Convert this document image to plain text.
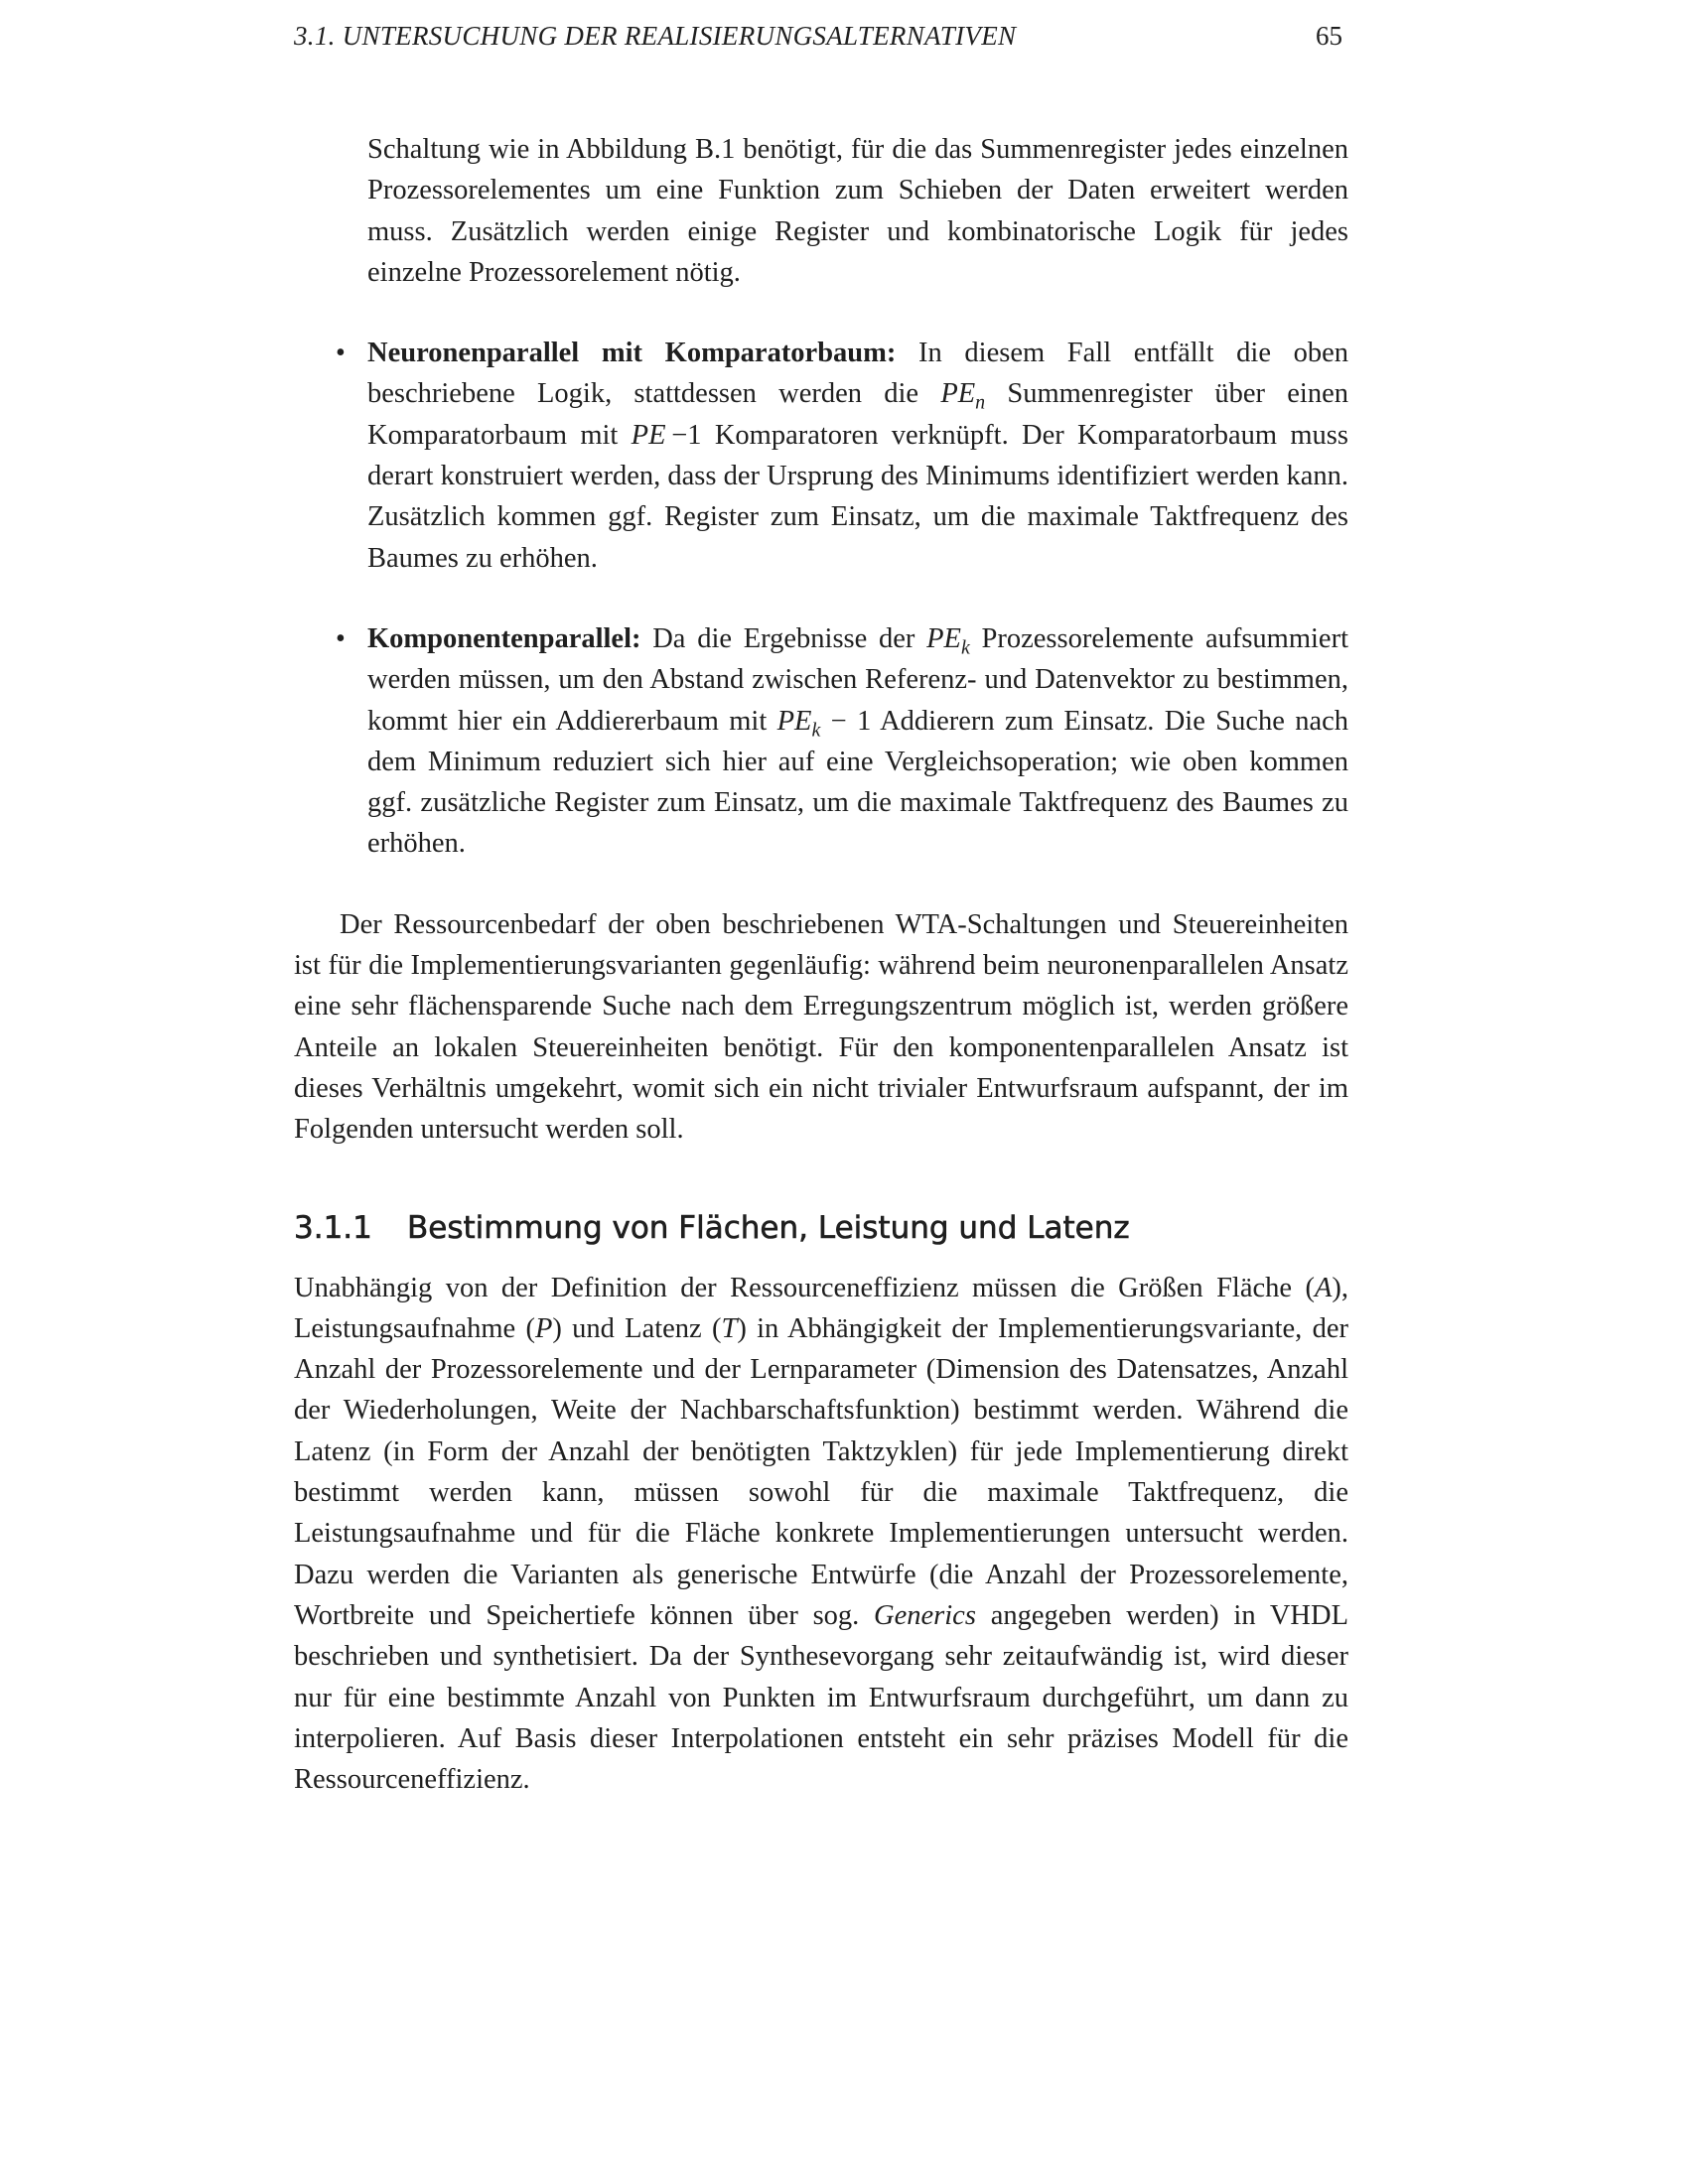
3.1. UNTERSUCHUNG DER REALISIERUNGSALTERNATIVEN	65

Schaltung wie in Abbildung B.1 benötigt, für die das Summenregister jedes einzelnen Prozessorelementes um eine Funktion zum Schieben der Daten erweitert werden muss. Zusätzlich werden einige Register und kombinatorische Logik für jedes einzelne Prozessorelement nötig.

• Neuronenparallel mit Komparatorbaum: In diesem Fall entfällt die oben beschriebene Logik, stattdessen werden die $PE_n$ Summenregister über einen Komparatorbaum mit PE −1 Komparatoren verknüpft. Der Komparatorbaum muss derart konstruiert werden, dass der Ursprung des Minimums identifiziert werden kann. Zusätzlich kommen ggf. Register zum Einsatz, um die maximale Taktfrequenz des Baumes zu erhöhen.

• Komponentenparallel: Da die Ergebnisse der $PE_k$ Prozessorelemente aufsummiert werden müssen, um den Abstand zwischen Referenz- und Datenvektor zu bestimmen, kommt hier ein Addiererbaum mit $PE_k - 1$ Addierern zum Einsatz. Die Suche nach dem Minimum reduziert sich hier auf eine Vergleichsoperation; wie oben kommen ggf. zusätzliche Register zum Einsatz, um die maximale Taktfrequenz des Baumes zu erhöhen.

Der Ressourcenbedarf der oben beschriebenen WTA-Schaltungen und Steuereinheiten ist für die Implementierungsvarianten gegenläufig: während beim neuronenparallelen Ansatz eine sehr flächensparende Suche nach dem Erregungszentrum möglich ist, werden größere Anteile an lokalen Steuereinheiten benötigt. Für den komponentenparallelen Ansatz ist dieses Verhältnis umgekehrt, womit sich ein nicht trivialer Entwurfsraum aufspannt, der im Folgenden untersucht werden soll.

3.1.1 Bestimmung von Flächen, Leistung und Latenz

Unabhängig von der Definition der Ressourceneffizienz müssen die Größen Fläche (A), Leistungsaufnahme (P) und Latenz (T) in Abhängigkeit der Implementierungsvariante, der Anzahl der Prozessorelemente und der Lernparameter (Dimension des Datensatzes, Anzahl der Wiederholungen, Weite der Nachbarschaftsfunktion) bestimmt werden. Während die Latenz (in Form der Anzahl der benötigten Taktzyklen) für jede Implementierung direkt bestimmt werden kann, müssen sowohl für die maximale Taktfrequenz, die Leistungsaufnahme und für die Fläche konkrete Implementierungen untersucht werden. Dazu werden die Varianten als generische Entwürfe (die Anzahl der Prozessorelemente, Wortbreite und Speichertiefe können über sog. Generics angegeben werden) in VHDL beschrieben und synthetisiert. Da der Synthesevorgang sehr zeitaufwändig ist, wird dieser nur für eine bestimmte Anzahl von Punkten im Entwurfsraum durchgeführt, um dann zu interpolieren. Auf Basis dieser Interpolationen entsteht ein sehr präzises Modell für die Ressourceneffizienz.
